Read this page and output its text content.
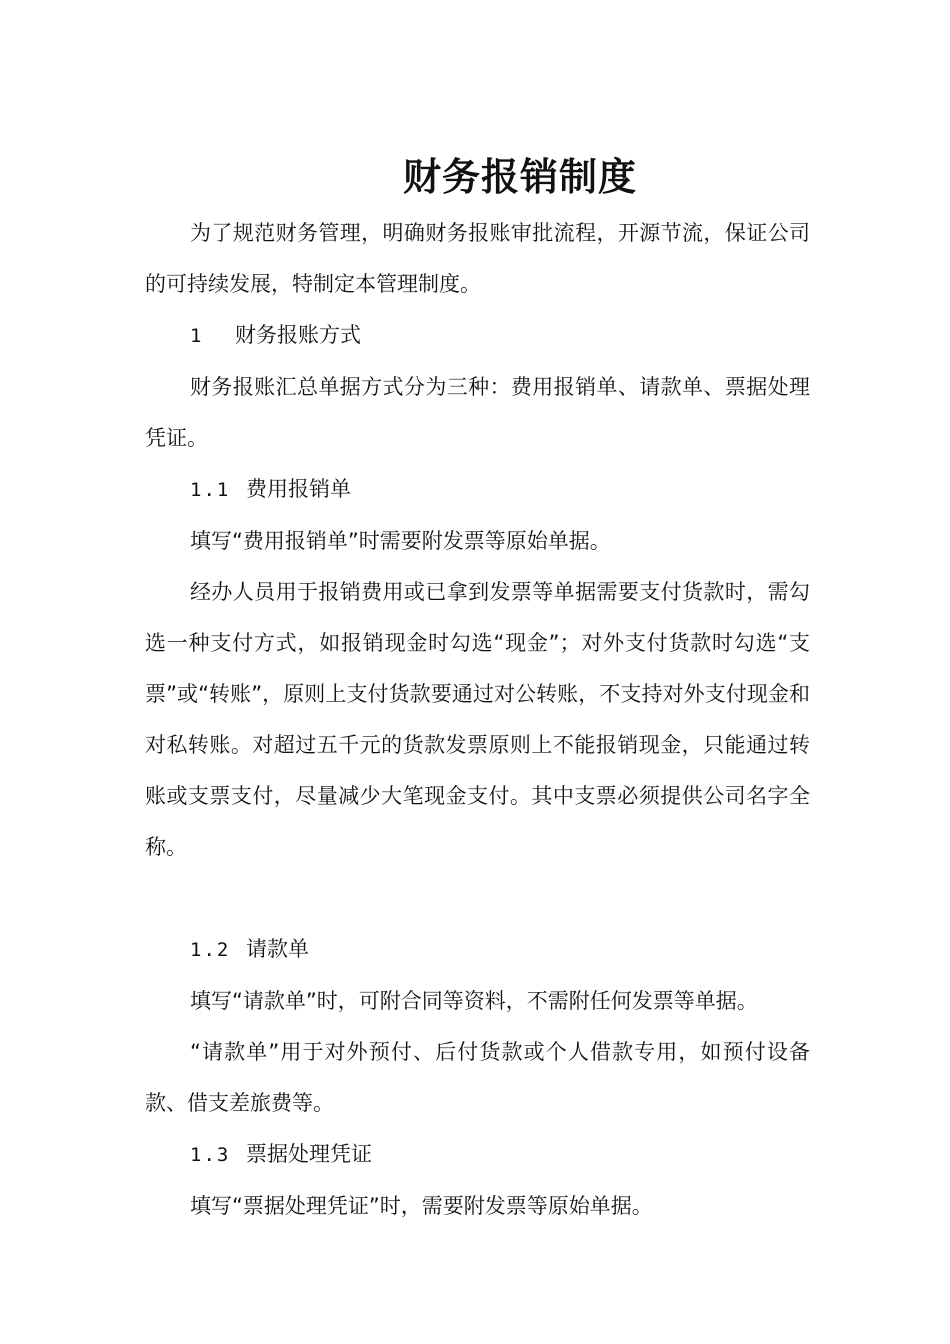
财务报销制度

为了规范财务管理，明确财务报账审批流程，开源节流，保证公司的可持续发展，特制定本管理制度。

1 财务报账方式

财务报账汇总单据方式分为三种：费用报销单、请款单、票据处理凭证。

1.1 费用报销单

填写“费用报销单”时需要附发票等原始单据。

经办人员用于报销费用或已拿到发票等单据需要支付货款时，需勾选一种支付方式，如报销现金时勾选“现金”；对外支付货款时勾选“支票”或“转账”，原则上支付货款要通过对公转账，不支持对外支付现金和对私转账。对超过五千元的货款发票原则上不能报销现金，只能通过转账或支票支付，尽量减少大笔现金支付。其中支票必须提供公司名字全称。

1.2 请款单

填写“请款单”时，可附合同等资料，不需附任何发票等单据。

“请款单”用于对外预付、后付货款或个人借款专用，如预付设备款、借支差旅费等。

1.3 票据处理凭证

填写“票据处理凭证”时，需要附发票等原始单据。
